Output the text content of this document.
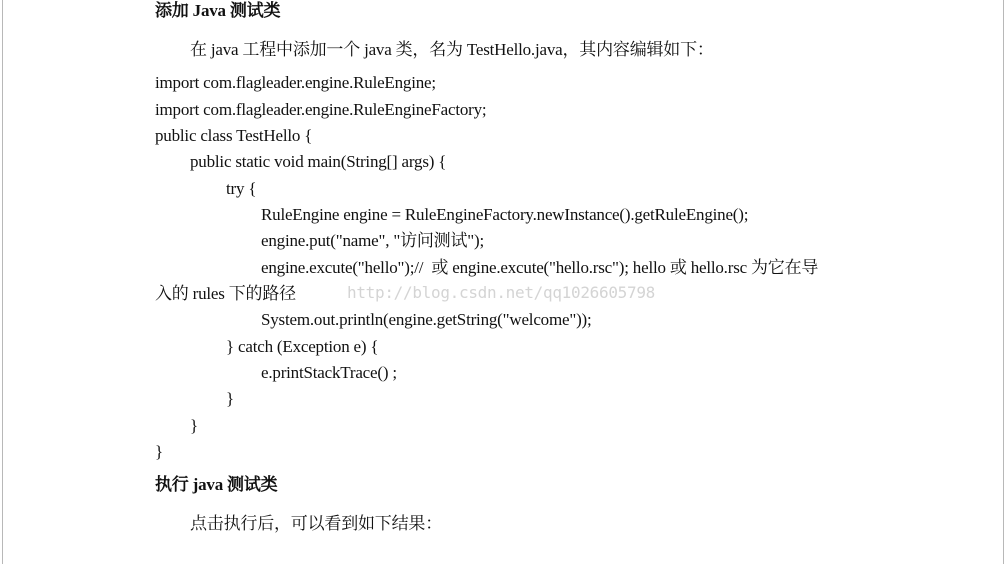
添加 Java 测试类
在 java 工程中添加一个 java 类，名为 TestHello.java，其内容编辑如下：
import com.flagleader.engine.RuleEngine;
import com.flagleader.engine.RuleEngineFactory;
public class TestHello {
public static void main(String[] args) {
try {
RuleEngine engine = RuleEngineFactory.newInstance().getRuleEngine();
engine.put("name", "访问测试");
engine.excute("hello");//  或 engine.excute("hello.rsc"); hello 或 hello.rsc 为它在导
入的 rules 下的路径
System.out.println(engine.getString("welcome"));
} catch (Exception e) {
e.printStackTrace() ;
}
}
}
http://blog.csdn.net/qq1026605798
执行 java 测试类
点击执行后，可以看到如下结果：
